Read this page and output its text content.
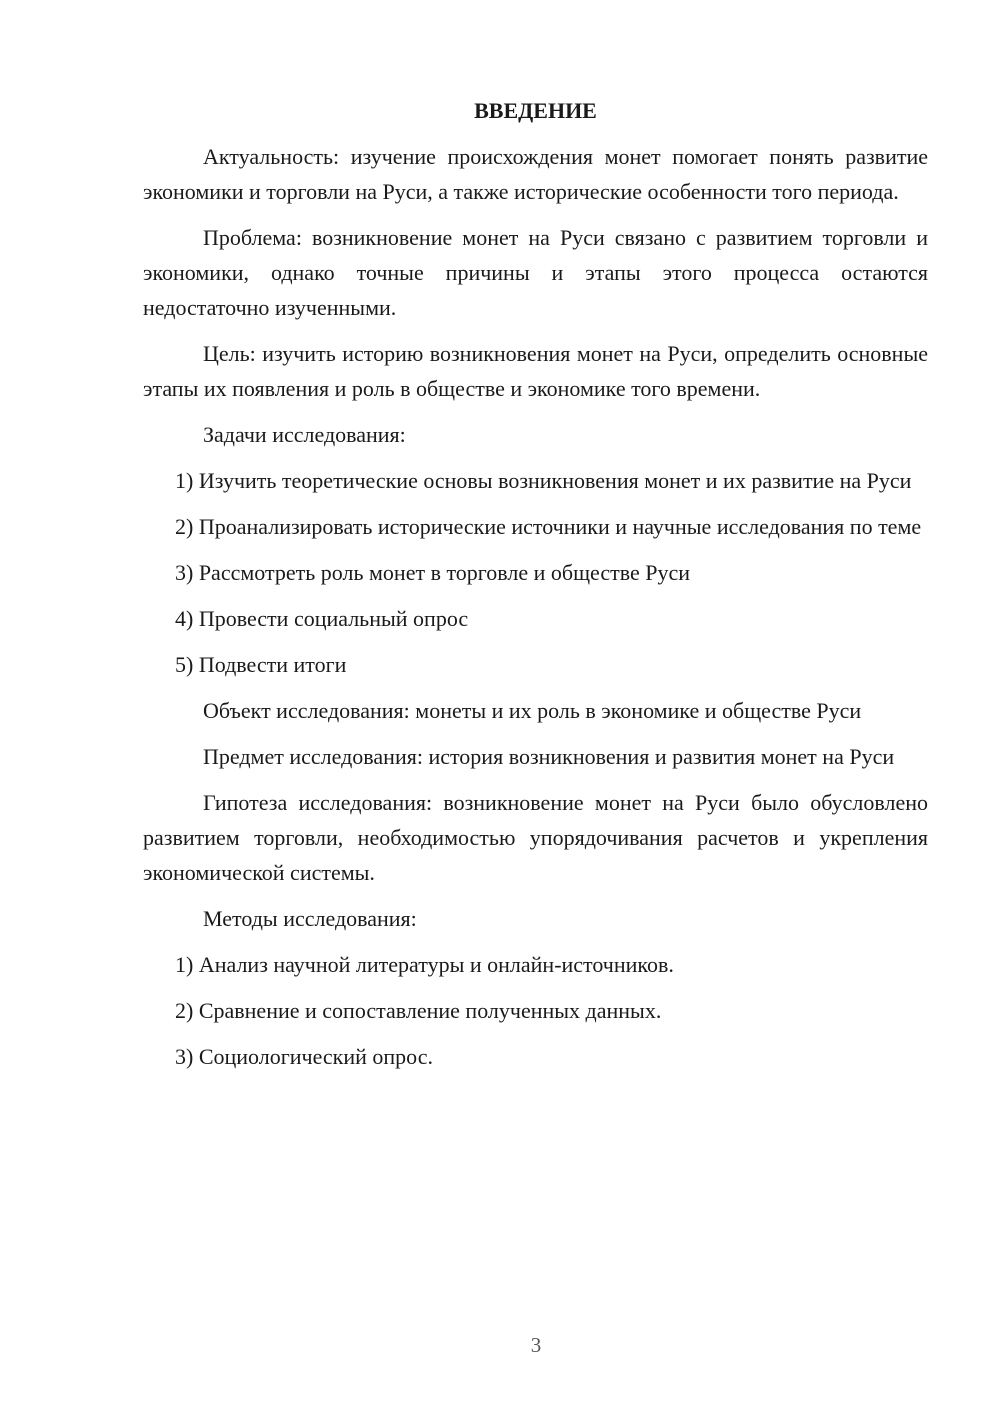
ВВЕДЕНИЕ

Актуальность: изучение происхождения монет помогает понять развитие экономики и торговли на Руси, а также исторические особенности того периода.

Проблема: возникновение монет на Руси связано с развитием торговли и экономики, однако точные причины и этапы этого процесса остаются недостаточно изученными.

Цель: изучить историю возникновения монет на Руси, определить основные этапы их появления и роль в обществе и экономике того времени.

Задачи исследования:

1) Изучить теоретические основы возникновения монет и их развитие на Руси

2) Проанализировать исторические источники и научные исследования по теме

3) Рассмотреть роль монет в торговле и обществе Руси

4) Провести социальный опрос

5) Подвести итоги

Объект исследования: монеты и их роль в экономике и обществе Руси

Предмет исследования: история возникновения и развития монет на Руси

Гипотеза исследования: возникновение монет на Руси было обусловлено развитием торговли, необходимостью упорядочивания расчетов и укрепления экономической системы.

Методы исследования:

1) Анализ научной литературы и онлайн-источников.

2) Сравнение и сопоставление полученных данных.

3) Социологический опрос.

3
